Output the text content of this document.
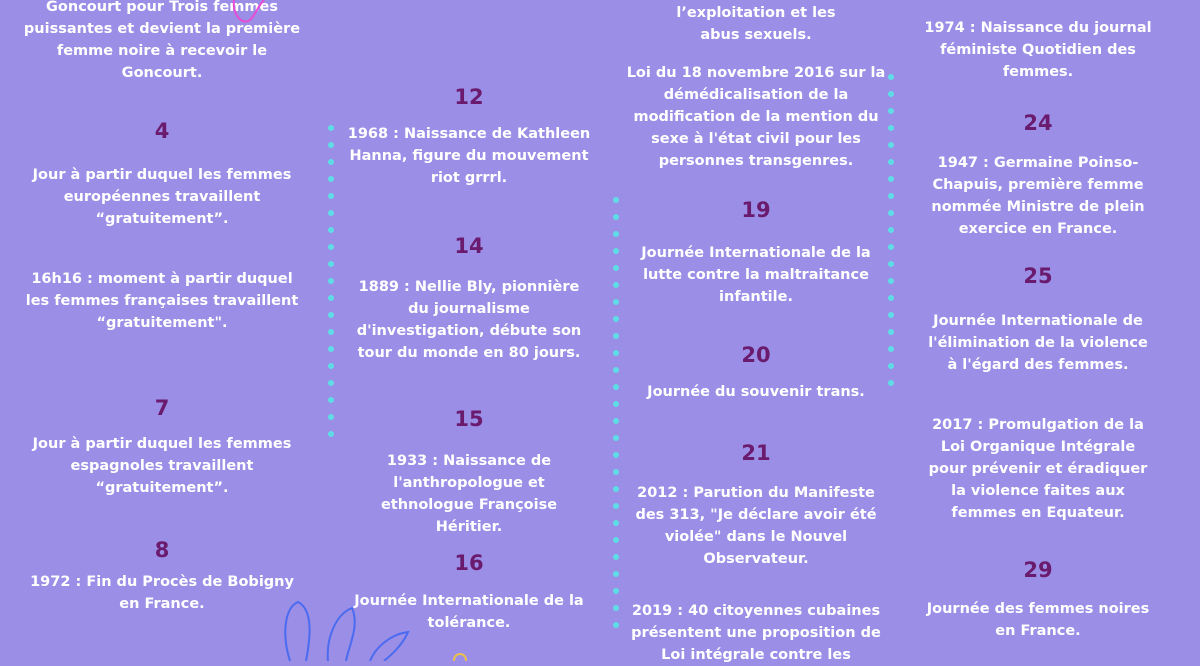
Goncourt pour Trois femmes puissantes et devient la première femme noire à recevoir le Goncourt.
4
Jour à partir duquel les femmes européennes travaillent “gratuitement”.
16h16 : moment à partir duquel les femmes françaises travaillent “gratuitement".
7
Jour à partir duquel les femmes espagnoles travaillent “gratuitement”.
8
1972 : Fin du Procès de Bobigny en France.
12
1968 : Naissance de Kathleen Hanna, figure du mouvement riot grrrl.
14
1889 : Nellie Bly, pionnière du journalisme d'investigation, débute son tour du monde en 80 jours.
15
1933 : Naissance de l'anthropologue et ethnologue Françoise Héritier.
16
Journée Internationale de la tolérance.
l’exploitation et les abus sexuels.
Loi du 18 novembre 2016 sur la démédicalisation de la modification de la mention du sexe à l'état civil pour les personnes transgenres.
19
Journée Internationale de la lutte contre la maltraitance infantile.
20
Journée du souvenir trans.
21
2012 : Parution du Manifeste des 313, "Je déclare avoir été violée" dans le Nouvel Observateur.
2019 : 40 citoyennes cubaines présentent une proposition de Loi intégrale contre les
1974 : Naissance du journal féministe Quotidien des femmes.
24
1947 : Germaine Poinso-Chapuis, première femme nommée Ministre de plein exercice en France.
25
Journée Internationale de l'élimination de la violence à l'égard des femmes.
2017 : Promulgation de la Loi Organique Intégrale pour prévenir et éradiquer la violence faites aux femmes en Equateur.
29
Journée des femmes noires en France.
